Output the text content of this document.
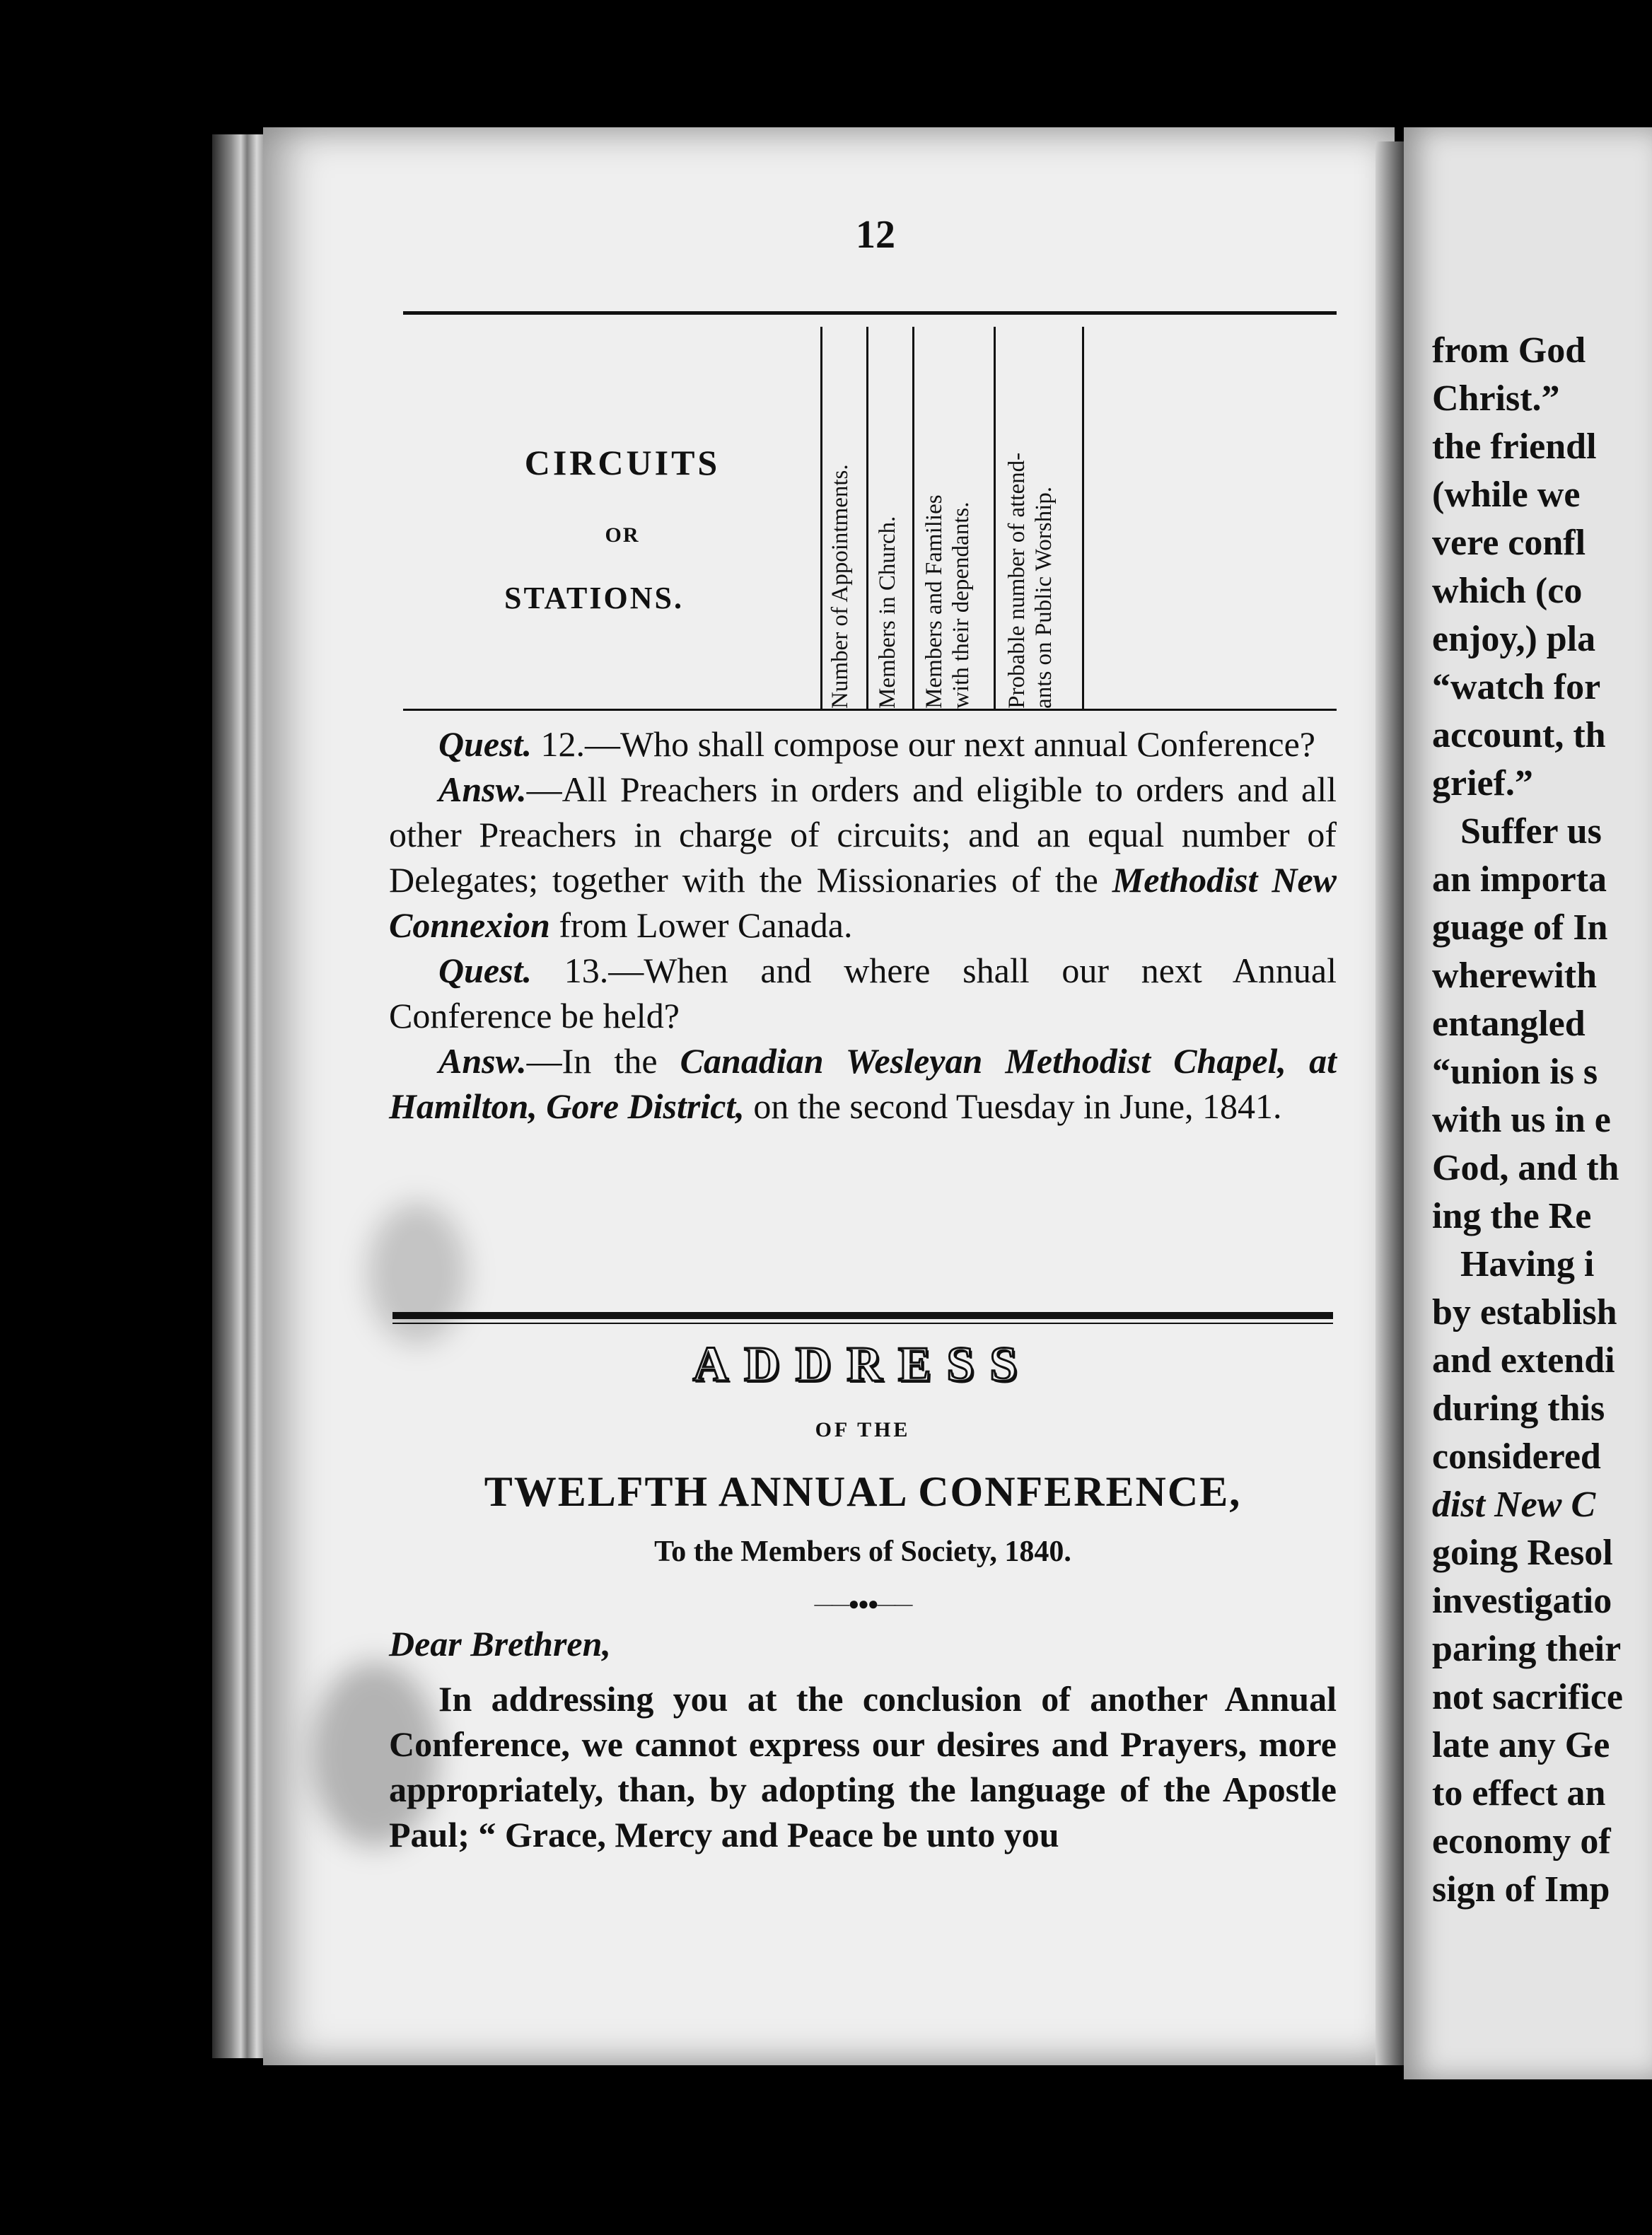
from God
Christ.”
the friendl
(while we
vere confl
which (co
enjoy,) pla
“watch for
account, th
grief.”
Suffer us
an importa
guage of In
wherewith
entangled
“union is s
with us in e
God, and th
ing the Re
Having i
by establish
and extendi
during this
considered
dist New C
going Resol
investigatio
paring their
not sacrifice
late any Ge
to effect an
economy of
sign of Imp
12
CIRCUITS
OR
STATIONS.	Number of Appointments. Members in Church. Members and Families
with their dependants. Probable number of attend-
ants on Public Worship.

Quest. 12.—Who shall compose our next annual Conference?

Answ.—All Preachers in orders and eligible to orders and all other Preachers in charge of circuits; and an equal number of Delegates; together with the Missionaries of the Methodist New Connexion from Lower Canada.

Quest. 13.—When and where shall our next Annual Conference be held?

Answ.—In the Canadian Wesleyan Methodist Chapel, at Hamilton, Gore District, on the second Tuesday in June, 1841.

ADDRESS
OF THE
TWELFTH ANNUAL CONFERENCE,
To the Members of Society, 1840.
——●●●——
Dear Brethren,

In addressing you at the conclusion of another Annual Conference, we cannot express our desires and Prayers, more appropriately, than, by adopting the language of the Apostle Paul; “ Grace, Mercy and Peace be unto you
